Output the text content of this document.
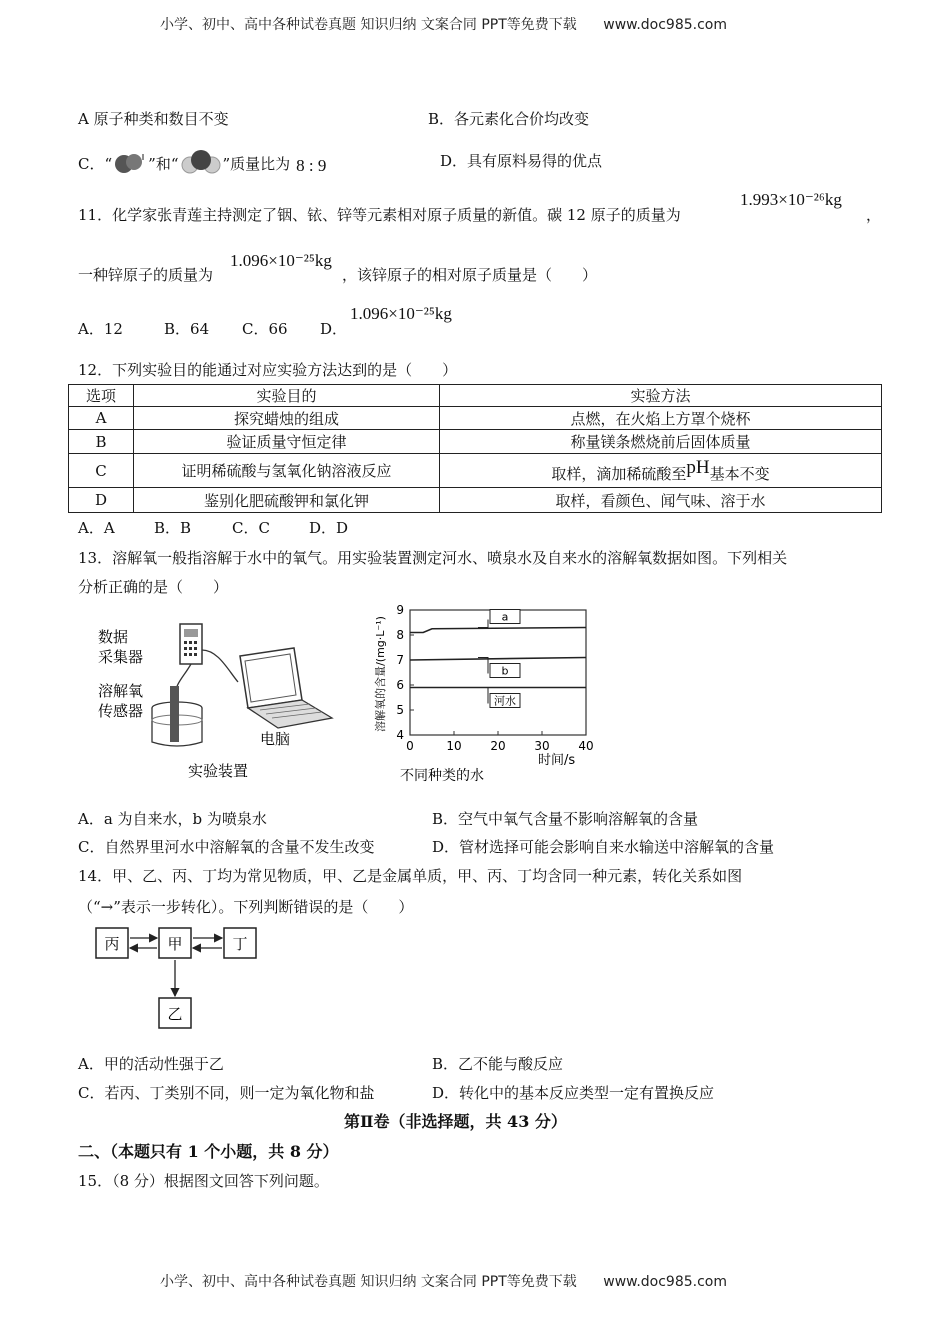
小学、初中、高中各种试卷真题 知识归纳 文案合同 PPT等免费下载 www.doc985.com
小学、初中、高中各种试卷真题 知识归纳 文案合同 PPT等免费下载 www.doc985.com
A 原子种类和数目不变	B．各元素化合价均改变
C．“ ”和“	”质量比为 8 : 9	D．具有原料易得的优点
11．化学家张青莲主持测定了铟、铱、锌等元素相对原子质量的新值。碳 12 原子的质量为
1.993×10⁻²⁶kg
，
一种锌原子的质量为
1.096×10⁻²⁵kg
，该锌原子的相对原子质量是（　　）
A．12	B．64 C．66 D．
1.096×10⁻²⁵kg
12．下列实验目的能通过对应实验方法达到的是（　　）
选项	实验目的	实验方法
A	探究蜡烛的组成	点燃，在火焰上方罩个烧杯
B	验证质量守恒定律	称量镁条燃烧前后固体质量
C	证明稀硫酸与氢氧化钠溶液反应	取样，滴加稀硫酸至pH基本不变
D	鉴别化肥硫酸钾和氯化钾	取样，看颜色、闻气味、溶于水
A．A	B．B	C．C	D．D
13．溶解氧一般指溶解于水中的氧气。用实验装置测定河水、喷泉水及自来水的溶解氧数据如图。下列相关
分析正确的是（　　）
数据
采集器
溶解氧
传感器
电脑
实验装置
4
5
6
7
8
9
0	10 20 30 40
a
b
河水
溶解氧的含量/(mg·L⁻¹)
时间/s
不同种类的水
A．a 为自来水，b 为喷泉水	B．空气中氧气含量不影响溶解氧的含量
C．自然界里河水中溶解氧的含量不发生改变	D．管材选择可能会影响自来水输送中溶解氧的含量
14．甲、乙、丙、丁均为常见物质，甲、乙是金属单质，甲、丙、丁均含同一种元素，转化关系如图
（“→”表示一步转化）。下列判断错误的是（　　）
丙	甲	丁
乙
A．甲的活动性强于乙	B．乙不能与酸反应
C．若丙、丁类别不同，则一定为氧化物和盐	D．转化中的基本反应类型一定有置换反应
第Ⅱ卷（非选择题，共 43 分）
二、（本题只有 1 个小题，共 8 分）
15．（8 分）根据图文回答下列问题。
